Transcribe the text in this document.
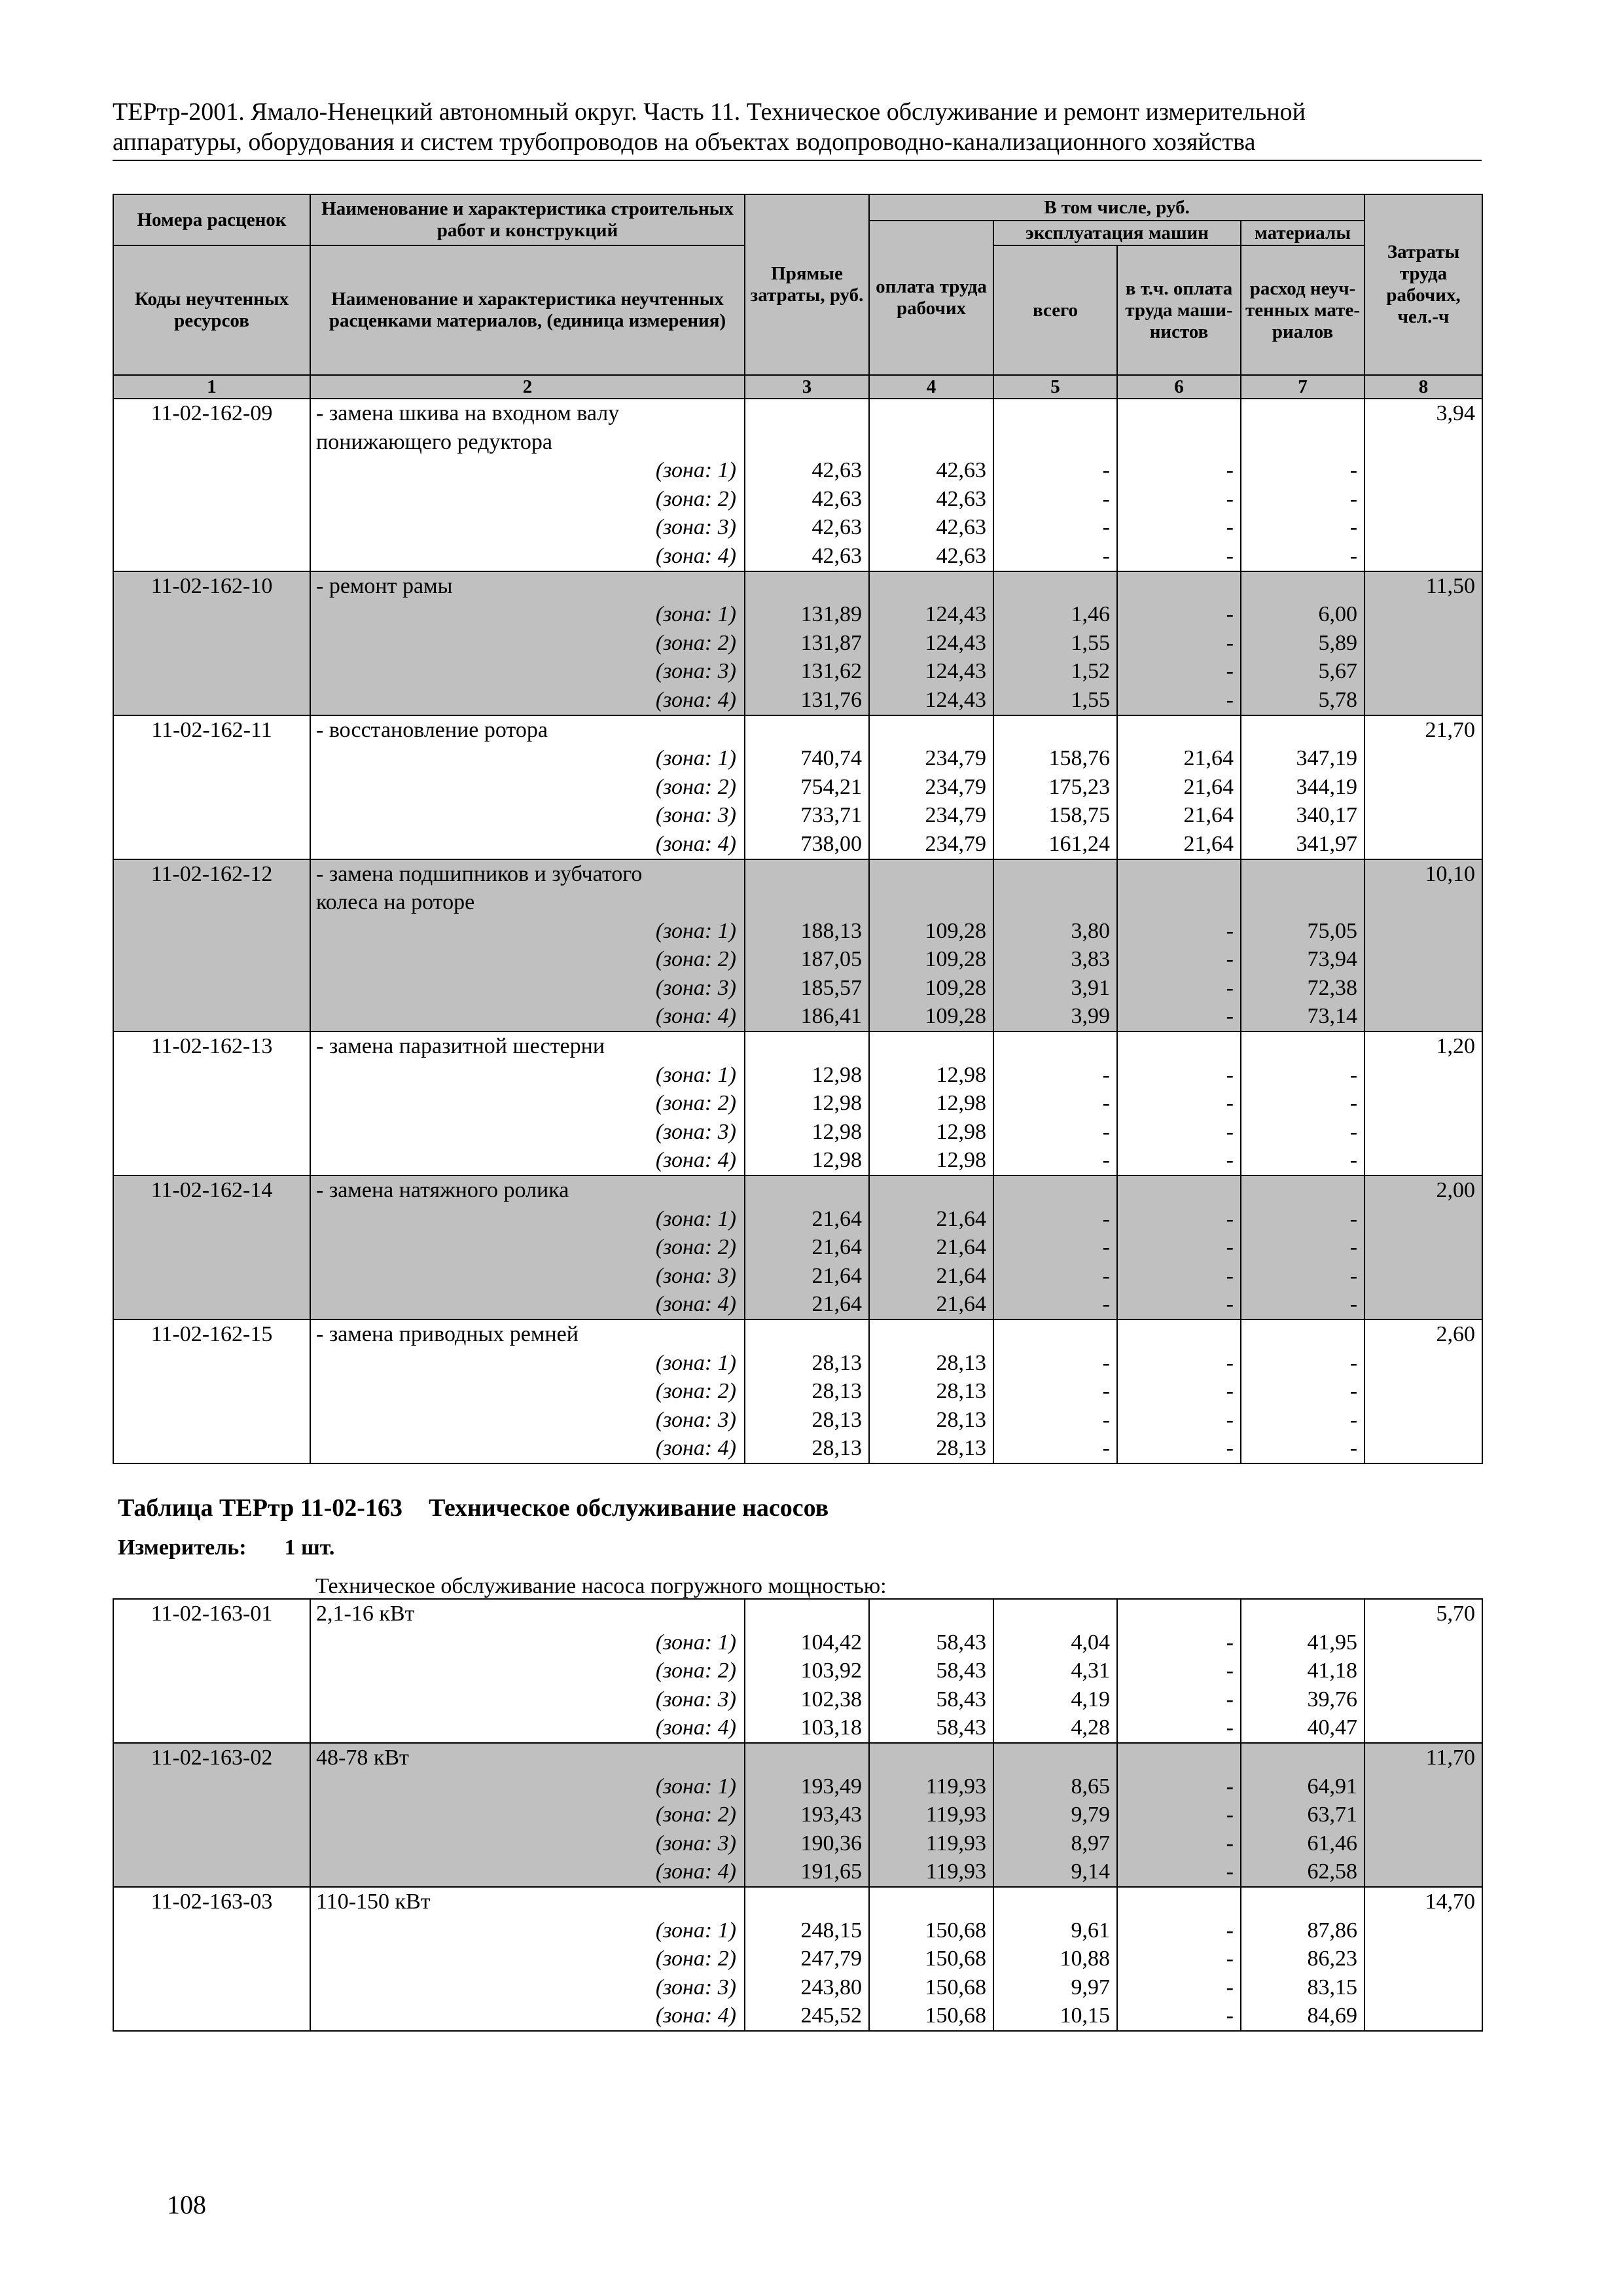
ТЕРтр-2001. Ямало-Ненецкий автономный округ. Часть 11. Техническое обслуживание и ремонт измерительной
аппаратуры, оборудования и систем трубопроводов на объектах водопроводно-канализационного хозяйства
Номера расценок	Наименование и характеристика строительных работ и конструкций	Прямые затраты, руб.	В том числе, руб.				Затраты труда рабочих, чел.-ч
			оплата труда рабочих	эксплуатация машин		материалы	
Коды неучтенных ресурсов	Наименование и характеристика неучтенных расценками материалов, (единица измерения)			всего	в т.ч. оплата труда маши-нистов	расход неуч-тенных мате-риалов	
1	2	3	4	5	6	7	8
11-02-162-09	- замена шкива на входном валу						3,94
	понижающего редуктора						
	(зона: 1)	42,63	42,63	-	-	-	
	(зона: 2)	42,63	42,63	-	-	-	
	(зона: 3)	42,63	42,63	-	-	-	
	(зона: 4)	42,63	42,63	-	-	-	
11-02-162-10	- ремонт рамы						11,50
	(зона: 1)	131,89	124,43	1,46	-	6,00	
	(зона: 2)	131,87	124,43	1,55	-	5,89	
	(зона: 3)	131,62	124,43	1,52	-	5,67	
	(зона: 4)	131,76	124,43	1,55	-	5,78	
11-02-162-11	- восстановление ротора						21,70
	(зона: 1)	740,74	234,79	158,76	21,64	347,19	
	(зона: 2)	754,21	234,79	175,23	21,64	344,19	
	(зона: 3)	733,71	234,79	158,75	21,64	340,17	
	(зона: 4)	738,00	234,79	161,24	21,64	341,97	
11-02-162-12	- замена подшипников и зубчатого						10,10
	колеса на роторе						
	(зона: 1)	188,13	109,28	3,80	-	75,05	
	(зона: 2)	187,05	109,28	3,83	-	73,94	
	(зона: 3)	185,57	109,28	3,91	-	72,38	
	(зона: 4)	186,41	109,28	3,99	-	73,14	
11-02-162-13	- замена паразитной шестерни						1,20
	(зона: 1)	12,98	12,98	-	-	-	
	(зона: 2)	12,98	12,98	-	-	-	
	(зона: 3)	12,98	12,98	-	-	-	
	(зона: 4)	12,98	12,98	-	-	-	
11-02-162-14	- замена натяжного ролика						2,00
	(зона: 1)	21,64	21,64	-	-	-	
	(зона: 2)	21,64	21,64	-	-	-	
	(зона: 3)	21,64	21,64	-	-	-	
	(зона: 4)	21,64	21,64	-	-	-	
11-02-162-15	- замена приводных ремней						2,60
	(зона: 1)	28,13	28,13	-	-	-	
	(зона: 2)	28,13	28,13	-	-	-	
	(зона: 3)	28,13	28,13	-	-	-	
	(зона: 4)	28,13	28,13	-	-	-	
Таблица ТЕРтр 11-02-163 Техническое обслуживание насосов
Измеритель: 1 шт.
Техническое обслуживание насоса погружного мощностью:
11-02-163-01	2,1-16 кВт						5,70
	(зона: 1)	104,42	58,43	4,04	-	41,95	
	(зона: 2)	103,92	58,43	4,31	-	41,18	
	(зона: 3)	102,38	58,43	4,19	-	39,76	
	(зона: 4)	103,18	58,43	4,28	-	40,47	
11-02-163-02	48-78 кВт						11,70
	(зона: 1)	193,49	119,93	8,65	-	64,91	
	(зона: 2)	193,43	119,93	9,79	-	63,71	
	(зона: 3)	190,36	119,93	8,97	-	61,46	
	(зона: 4)	191,65	119,93	9,14	-	62,58	
11-02-163-03	110-150 кВт						14,70
	(зона: 1)	248,15	150,68	9,61	-	87,86	
	(зона: 2)	247,79	150,68	10,88	-	86,23	
	(зона: 3)	243,80	150,68	9,97	-	83,15	
	(зона: 4)	245,52	150,68	10,15	-	84,69	
108
